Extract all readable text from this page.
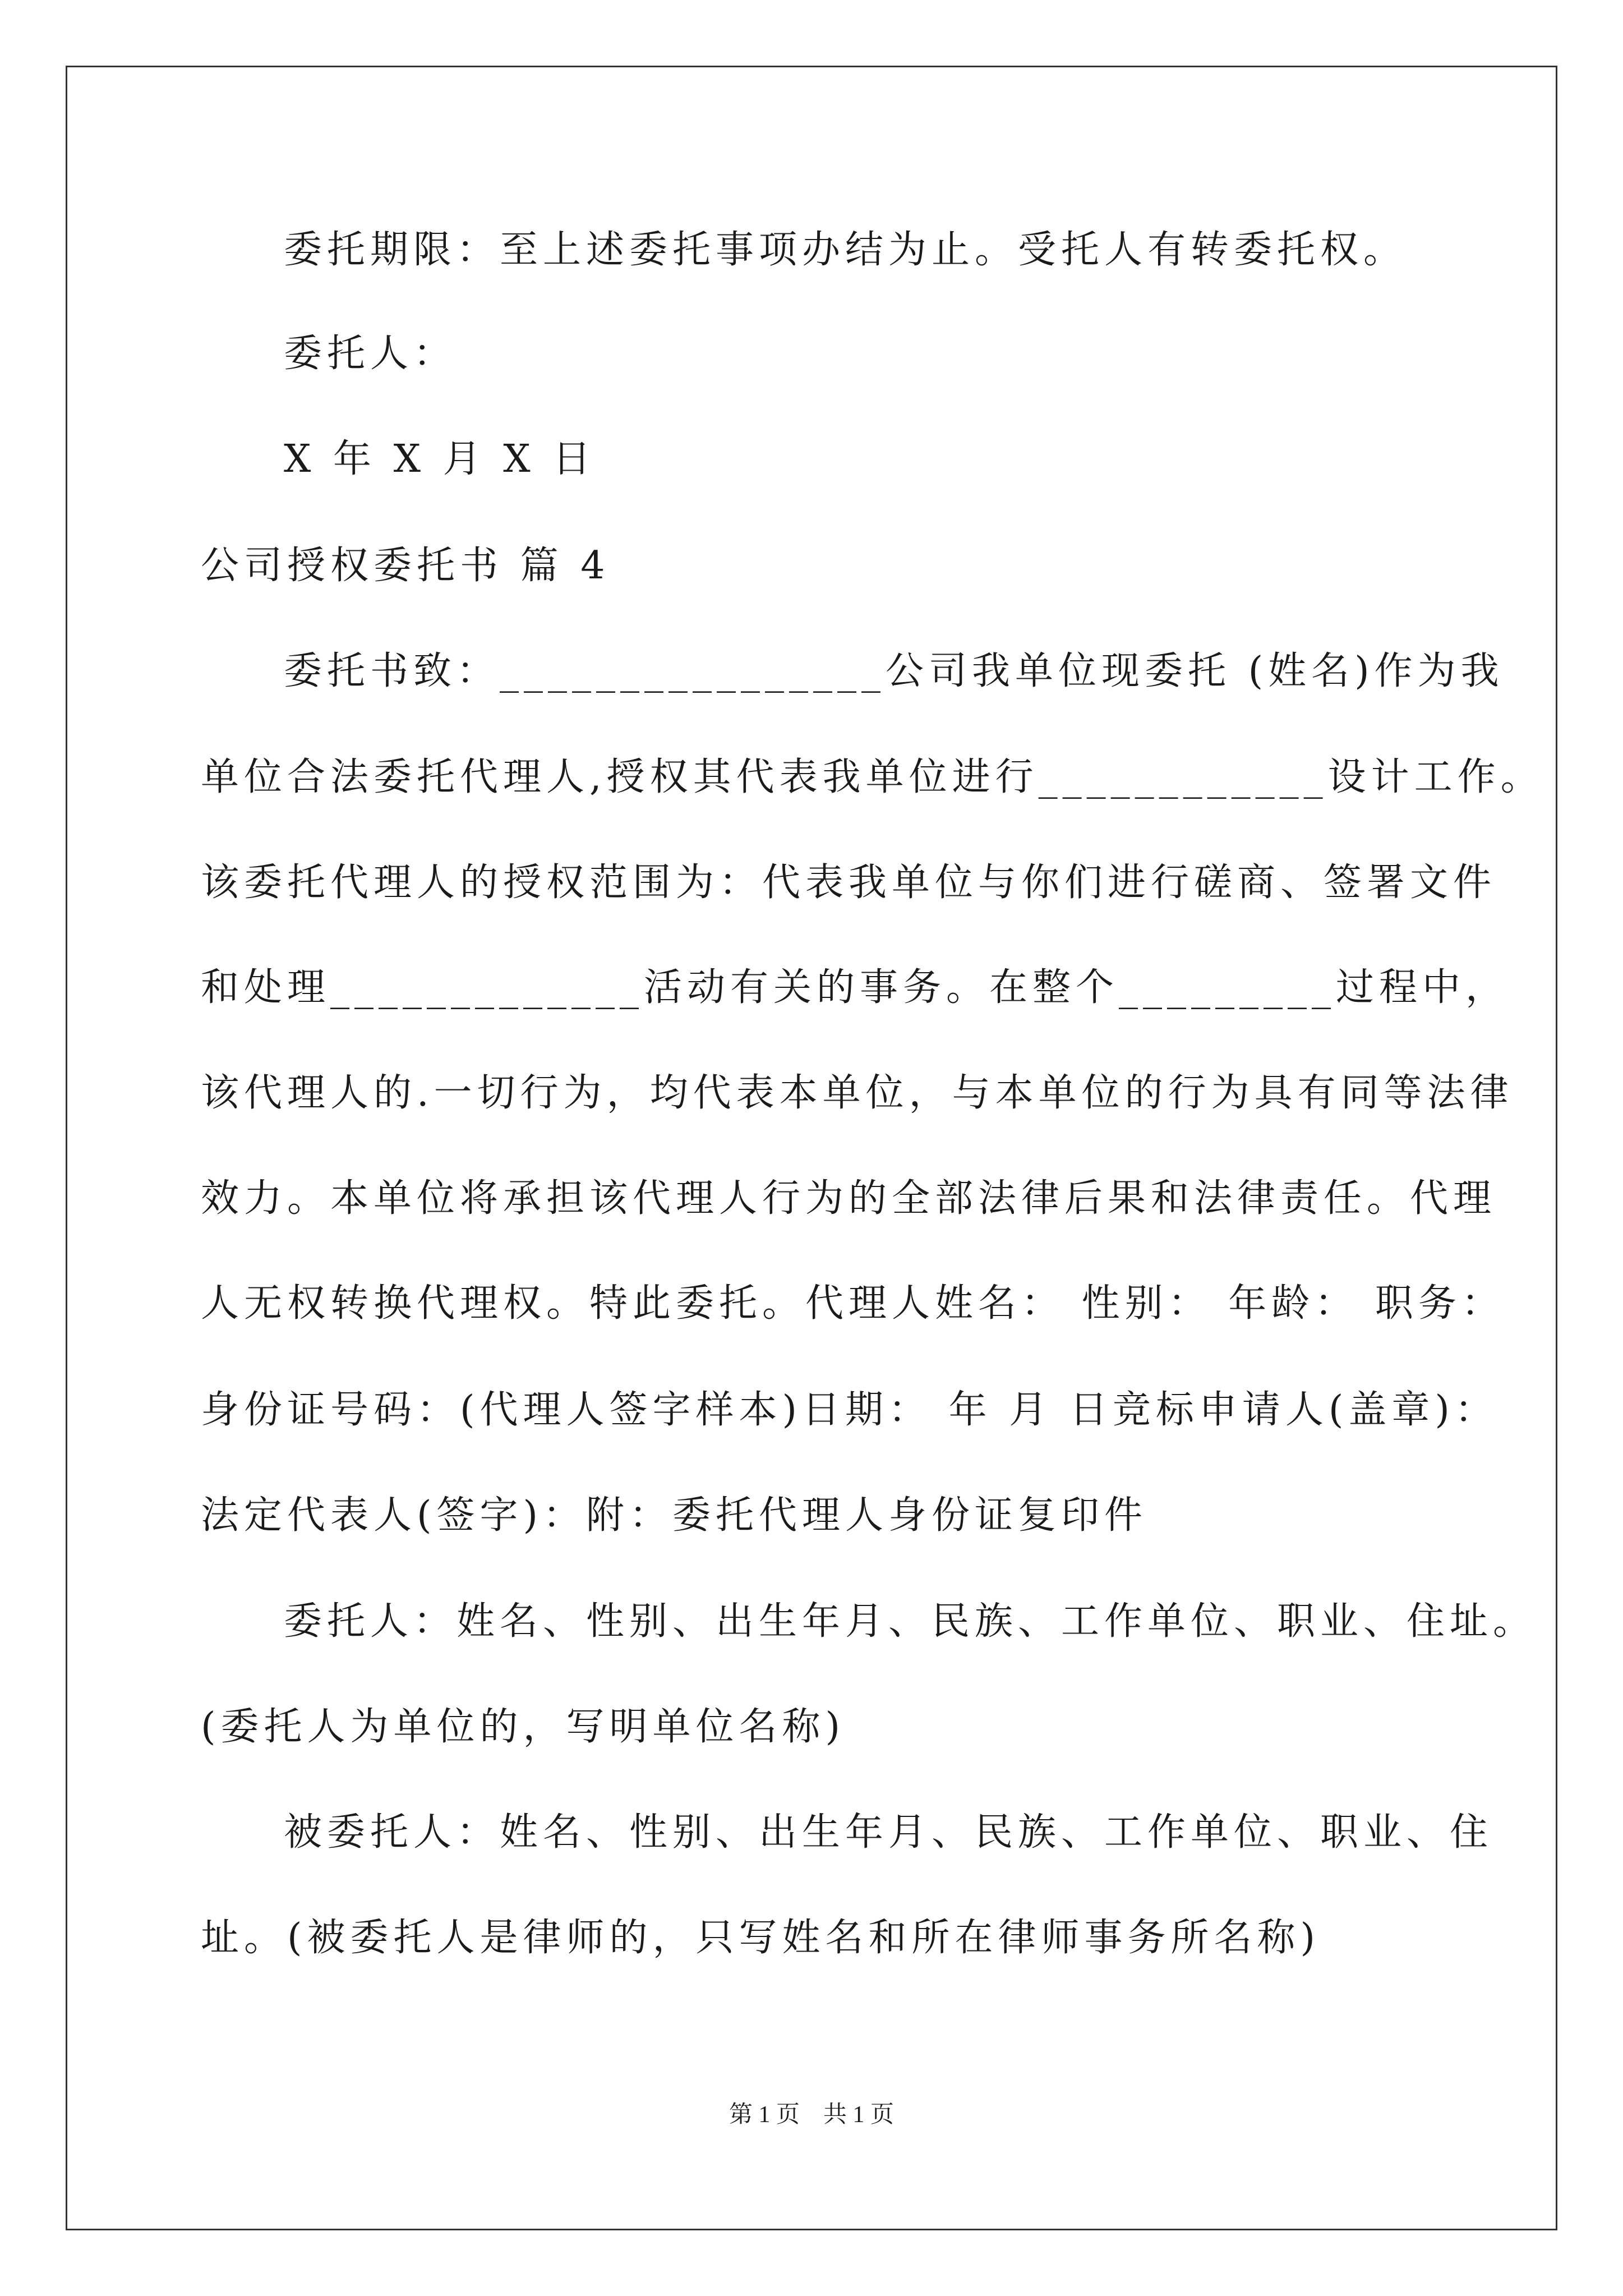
委托期限：至上述委托事项办结为止。受托人有转委托权。
委托人：
X 年 X 月 X 日
公司授权委托书 篇 4
委托书致：________________公司我单位现委托 (姓名)作为我
单位合法委托代理人,授权其代表我单位进行____________设计工作。
该委托代理人的授权范围为：代表我单位与你们进行磋商、签署文件
和处理_____________活动有关的事务。在整个_________过程中，
该代理人的.一切行为，均代表本单位，与本单位的行为具有同等法律
效力。本单位将承担该代理人行为的全部法律后果和法律责任。代理
人无权转换代理权。特此委托。代理人姓名： 性别： 年龄： 职务：
身份证号码：(代理人签字样本)日期： 年 月 日竞标申请人(盖章)：
法定代表人(签字)：附：委托代理人身份证复印件
委托人：姓名、性别、出生年月、民族、工作单位、职业、住址。
(委托人为单位的，写明单位名称)
被委托人：姓名、性别、出生年月、民族、工作单位、职业、住
址。(被委托人是律师的，只写姓名和所在律师事务所名称)
第 1 页　共 1 页
